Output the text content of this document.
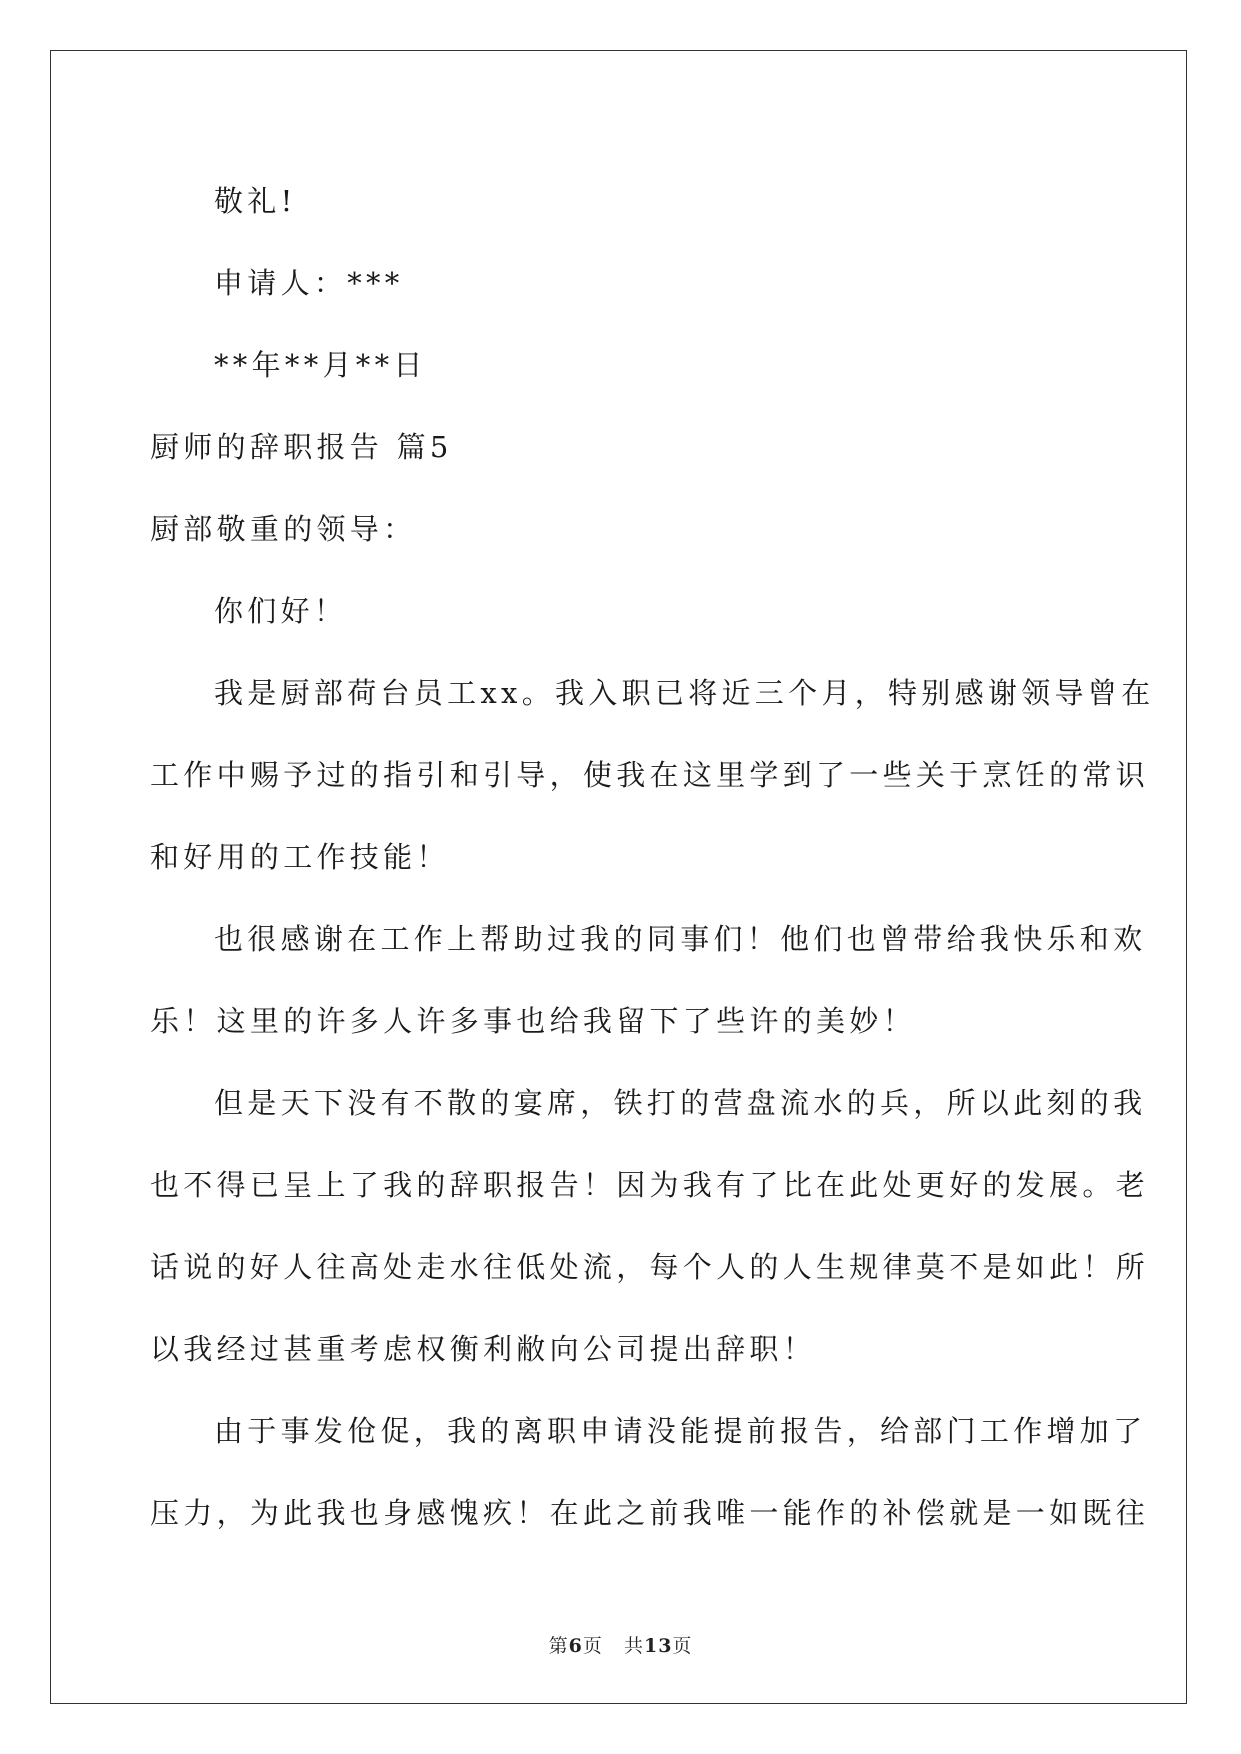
敬礼!
申请人：***
**年**月**日
厨师的辞职报告 篇5
厨部敬重的领导：
你们好！
我是厨部荷台员工xx。我入职已将近三个月，特别感谢领导曾在
工作中赐予过的指引和引导，使我在这里学到了一些关于烹饪的常识
和好用的工作技能！
也很感谢在工作上帮助过我的同事们！他们也曾带给我快乐和欢
乐！这里的许多人许多事也给我留下了些许的美妙！
但是天下没有不散的宴席，铁打的营盘流水的兵，所以此刻的我
也不得已呈上了我的辞职报告！因为我有了比在此处更好的发展。老
话说的好人往高处走水往低处流，每个人的人生规律莫不是如此！所
以我经过甚重考虑权衡利敝向公司提出辞职！
由于事发伧促，我的离职申请没能提前报告，给部门工作增加了
压力，为此我也身感愧疚！在此之前我唯一能作的补偿就是一如既往
第6页 共13页
